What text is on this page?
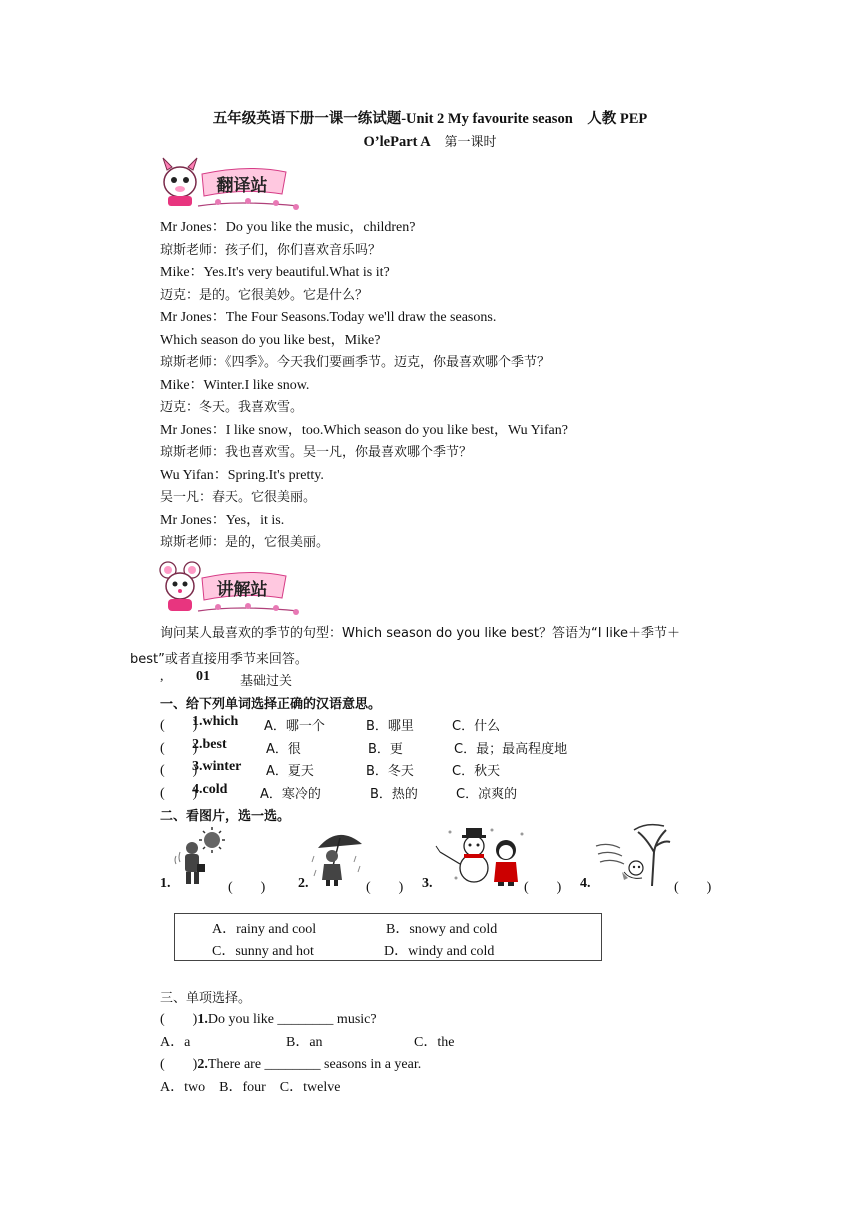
五年级英语下册一课一练试题-Unit 2 My favourite season　人教 PEP
O’lePart A　 第一课时
翻译站
Mr Jones：Do you like the music，children?
琼斯老师：孩子们，你们喜欢音乐吗？
Mike：Yes.It's very beautiful.What is it?
迈克：是的。它很美妙。它是什么？
Mr Jones：The Four Seasons.Today we'll draw the seasons.
Which season do you like best，Mike?
琼斯老师：《四季》。今天我们要画季节。迈克，你最喜欢哪个季节？
Mike：Winter.I like snow.
迈克：冬天。我喜欢雪。
Mr Jones：I like snow，too.Which season do you like best，Wu Yifan?
琼斯老师：我也喜欢雪。吴一凡，你最喜欢哪个季节？
Wu Yifan：Spring.It's pretty.
吴一凡：春天。它很美丽。
Mr Jones：Yes，it is.
琼斯老师：是的，它很美丽。
讲解站
询问某人最喜欢的季节的句型：Which season do you like best？答语为“I like＋季节＋
best”或者直接用季节来回答。
, 01 基础过关
一、给下列单词选择正确的汉语意思。
(　　)
1.which A．哪一个	B．哪里	C．什么
(　　)
2.best	A．很	B．更	C．最；最高程度地
(　　)
3.winter A．夏天	B．冬天	C．秋天
(　　)
4.cold	A．寒冷的	B．热的	C．凉爽的
二、看图片，选一选。
1.	(　　) 2.	(　　) 3.	(　　) 4.	(　　)
A．rainy and cool	B．snowy and cold
C．sunny and hot	D．windy and cold
三、单项选择。
(　　)1.Do you like ________ music?
A．a	B．an	C．the
(　　)2.There are ________ seasons in a year.
A．two　B．four　C．twelve
